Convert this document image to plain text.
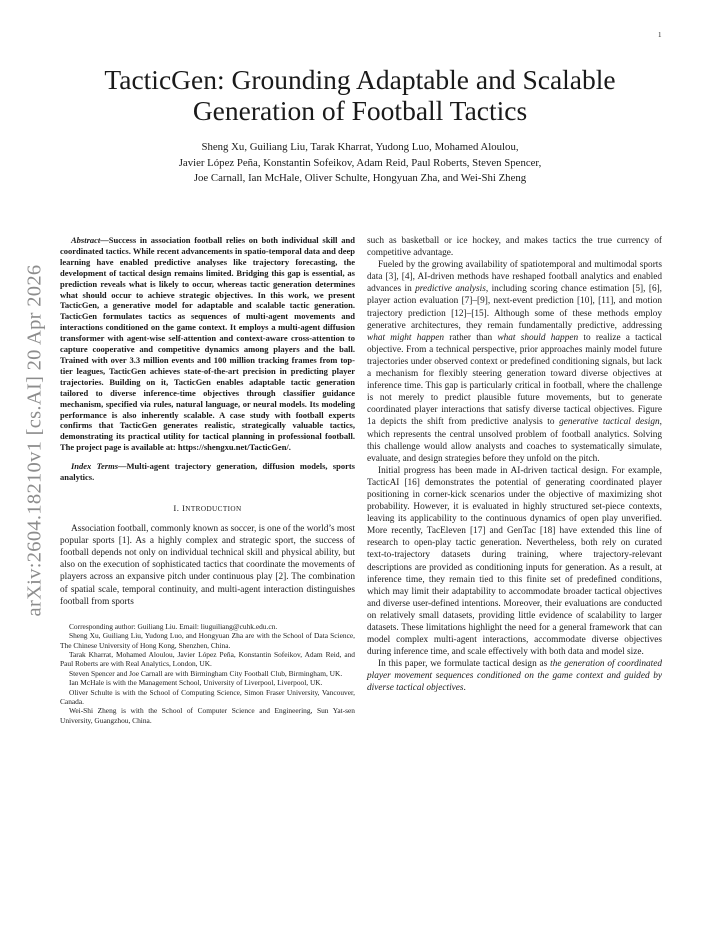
1
arXiv:2604.18210v1 [cs.AI] 20 Apr 2026
TacticGen: Grounding Adaptable and Scalable
Generation of Football Tactics
Sheng Xu, Guiliang Liu, Tarak Kharrat, Yudong Luo, Mohamed Aloulou,
Javier López Peña, Konstantin Sofeikov, Adam Reid, Paul Roberts, Steven Spencer,
Joe Carnall, Ian McHale, Oliver Schulte, Hongyuan Zha, and Wei-Shi Zheng

Abstract—Success in association football relies on both individual skill and coordinated tactics. While recent advancements in spatio-temporal data and deep learning have enabled predictive analyses like trajectory forecasting, the development of tactical design remains limited. Bridging this gap is essential, as prediction reveals what is likely to occur, whereas tactic generation determines what should occur to achieve strategic objectives. In this work, we present TacticGen, a generative model for adaptable and scalable tactic generation. TacticGen formulates tactics as sequences of multi-agent movements and interactions conditioned on the game context. It employs a multi-agent diffusion transformer with agent-wise self-attention and context-aware cross-attention to capture cooperative and competitive dynamics among players and the ball. Trained with over 3.3 million events and 100 million tracking frames from top-tier leagues, TacticGen achieves state-of-the-art precision in predicting player trajectories. Building on it, TacticGen enables adaptable tactic generation tailored to diverse inference-time objectives through classifier guidance mechanism, specified via rules, natural language, or neural models. Its modeling performance is also inherently scalable. A case study with football experts confirms that TacticGen generates realistic, strategically valuable tactics, demonstrating its practical utility for tactical planning in professional football. The project page is available at: https://shengxu.net/TacticGen/.

Index Terms—Multi-agent trajectory generation, diffusion models, sports analytics.

I. INTRODUCTION

Association football, commonly known as soccer, is one of the world’s most popular sports [1]. As a highly complex and strategic sport, the success of football depends not only on individual technical skill and physical ability, but also on the execution of sophisticated tactics that coordinate the movements of players across an expansive pitch under continuous play [2]. The combination of spatial scale, temporal continuity, and multi-agent interaction distinguishes football from sports

Corresponding author: Guiliang Liu. Email: liuguiliang@cuhk.edu.cn.

Sheng Xu, Guiliang Liu, Yudong Luo, and Hongyuan Zha are with the School of Data Science, The Chinese University of Hong Kong, Shenzhen, China.

Tarak Kharrat, Mohamed Aloulou, Javier López Peña, Konstantin Sofeikov, Adam Reid, and Paul Roberts are with Real Analytics, London, UK.

Steven Spencer and Joe Carnall are with Birmingham City Football Club, Birmingham, UK.

Ian McHale is with the Management School, University of Liverpool, Liverpool, UK.

Oliver Schulte is with the School of Computing Science, Simon Fraser University, Vancouver, Canada.

Wei-Shi Zheng is with the School of Computer Science and Engineering, Sun Yat-sen University, Guangzhou, China.

such as basketball or ice hockey, and makes tactics the true currency of competitive advantage.

Fueled by the growing availability of spatiotemporal and multimodal sports data [3], [4], AI-driven methods have reshaped football analytics and enabled advances in predictive analysis, including scoring chance estimation [5], [6], player action evaluation [7]–[9], next-event prediction [10], [11], and motion trajectory prediction [12]–[15]. Although some of these methods employ generative architectures, they remain fundamentally predictive, addressing what might happen rather than what should happen to realize a tactical objective. From a technical perspective, prior approaches mainly model future trajectories under observed context or predefined conditioning signals, but lack a mechanism for flexibly steering generation toward diverse objectives at inference time. This gap is particularly critical in football, where the challenge is not merely to predict plausible future movements, but to generate coordinated player interactions that satisfy diverse tactical objectives. Figure 1a depicts the shift from predictive analysis to generative tactical design, which represents the central unsolved problem of football analytics. Solving this challenge would allow analysts and coaches to systematically simulate, evaluate, and design strategies before they unfold on the pitch.

Initial progress has been made in AI-driven tactical design. For example, TacticAI [16] demonstrates the potential of generating coordinated player positioning in corner-kick scenarios under the objective of maximizing shot probability. However, it is evaluated in highly structured set-piece contexts, leaving its applicability to the continuous dynamics of open play unverified. More recently, TacEleven [17] and GenTac [18] have extended this line of research to open-play tactic generation. Nevertheless, both rely on curated text-to-trajectory datasets during training, where trajectory-relevant descriptions are provided as conditioning inputs for generation. As a result, at inference time, they remain tied to this finite set of predefined conditions, which may limit their adaptability to accommodate broader tactical objectives and diverse user-defined intentions. Moreover, their evaluations are conducted on relatively small datasets, providing little evidence of scalability to larger datasets. These limitations highlight the need for a general framework that can model complex multi-agent interactions, accommodate diverse objectives during inference time, and scale effectively with both data and model size.

In this paper, we formulate tactical design as the generation of coordinated player movement sequences conditioned on the game context and guided by diverse tactical objectives.
